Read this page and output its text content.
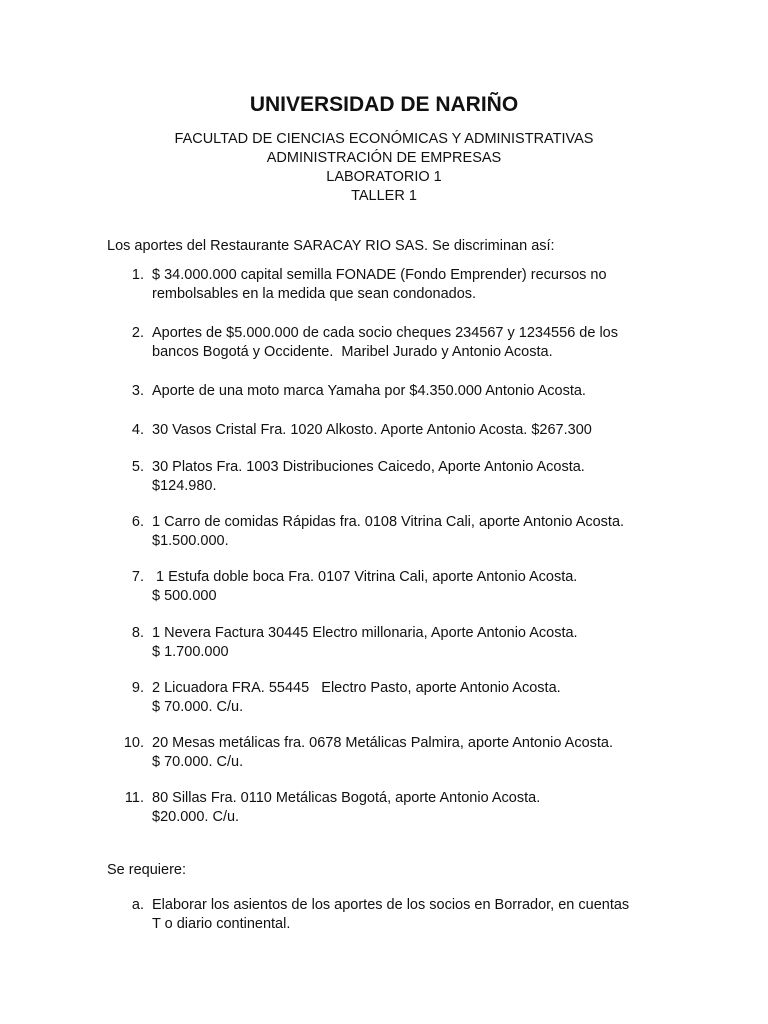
UNIVERSIDAD DE NARIÑO
FACULTAD DE CIENCIAS ECONÓMICAS Y ADMINISTRATIVAS
ADMINISTRACIÓN DE EMPRESAS
LABORATORIO 1
TALLER 1
Los aportes del Restaurante SARACAY RIO SAS. Se discriminan así:
1. $ 34.000.000 capital semilla FONADE (Fondo Emprender) recursos no
rembolsables en la medida que sean condonados.
2. Aportes de $5.000.000 de cada socio cheques 234567 y 1234556 de los
bancos Bogotá y Occidente.  Maribel Jurado y Antonio Acosta.
3. Aporte de una moto marca Yamaha por $4.350.000 Antonio Acosta.
4. 30 Vasos Cristal Fra. 1020 Alkosto. Aporte Antonio Acosta. $267.300
5. 30 Platos Fra. 1003 Distribuciones Caicedo, Aporte Antonio Acosta.
$124.980.
6. 1 Carro de comidas Rápidas fra. 0108 Vitrina Cali, aporte Antonio Acosta.
$1.500.000.
7. 1 Estufa doble boca Fra. 0107 Vitrina Cali, aporte Antonio Acosta.
$ 500.000
8. 1 Nevera Factura 30445 Electro millonaria, Aporte Antonio Acosta.
$ 1.700.000
9. 2 Licuadora FRA. 55445   Electro Pasto, aporte Antonio Acosta.
$ 70.000. C/u.
10. 20 Mesas metálicas fra. 0678 Metálicas Palmira, aporte Antonio Acosta.
$ 70.000. C/u.
11. 80 Sillas Fra. 0110 Metálicas Bogotá, aporte Antonio Acosta.
$20.000. C/u.
Se requiere:
a. Elaborar los asientos de los aportes de los socios en Borrador, en cuentas
T o diario continental.
